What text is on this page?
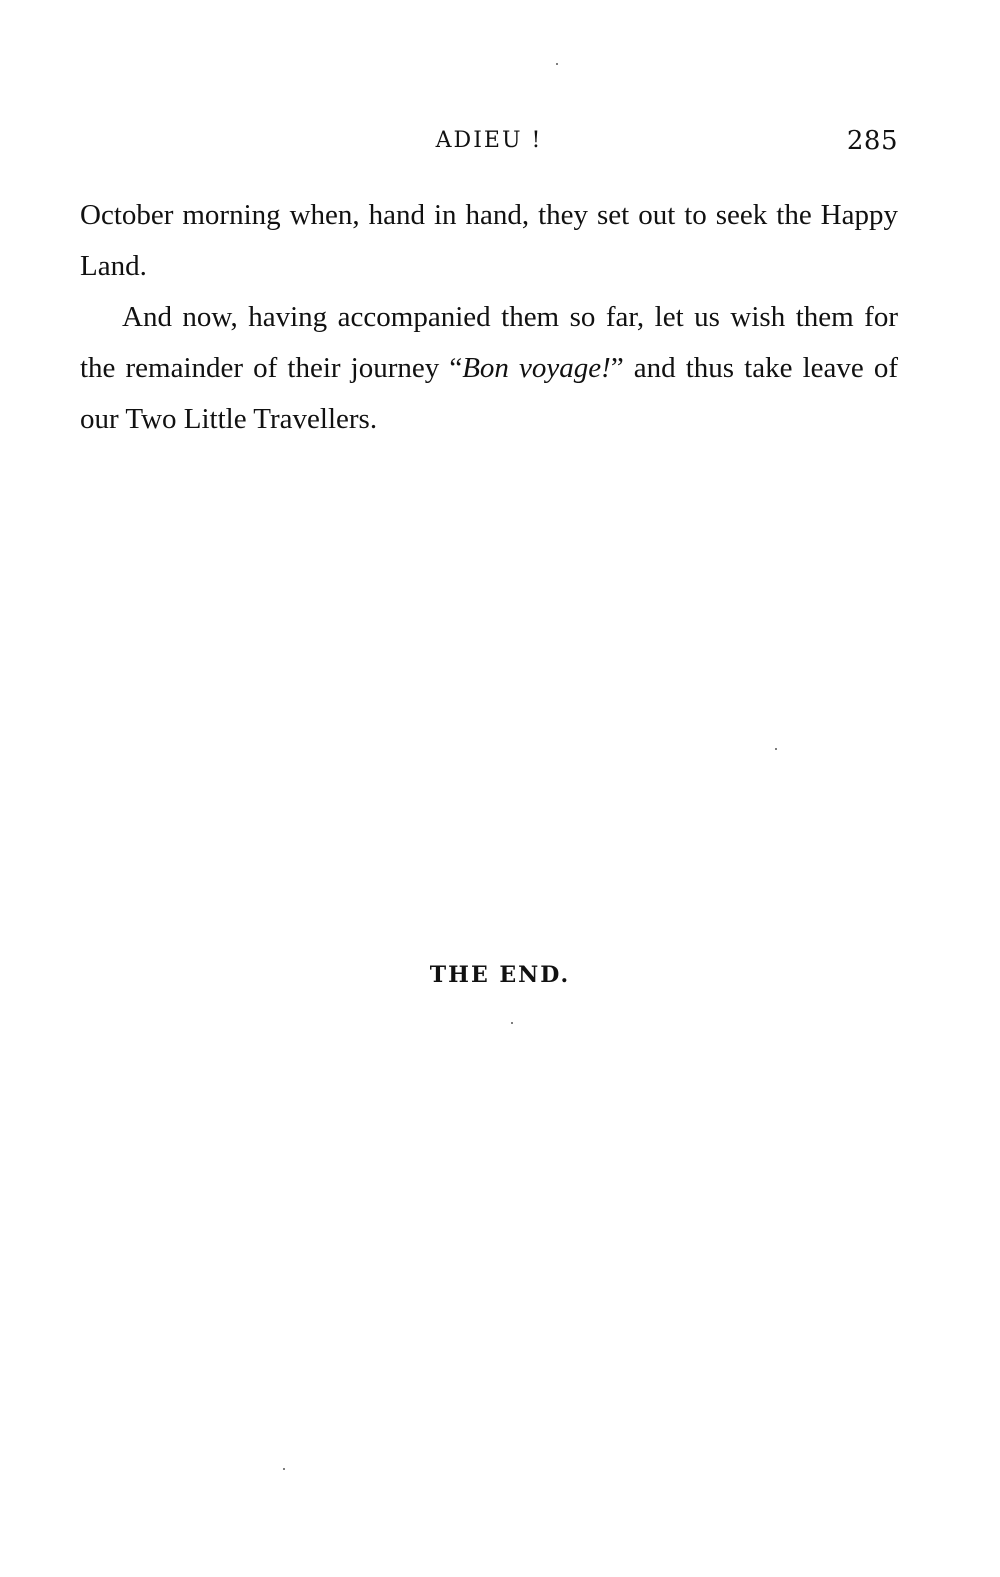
ADIEU !	285

October morning when, hand in hand, they set out to seek the Happy Land.

And now, having accompanied them so far, let us wish them for the remainder of their journey “Bon voyage!” and thus take leave of our Two Little Travellers.

THE END.
